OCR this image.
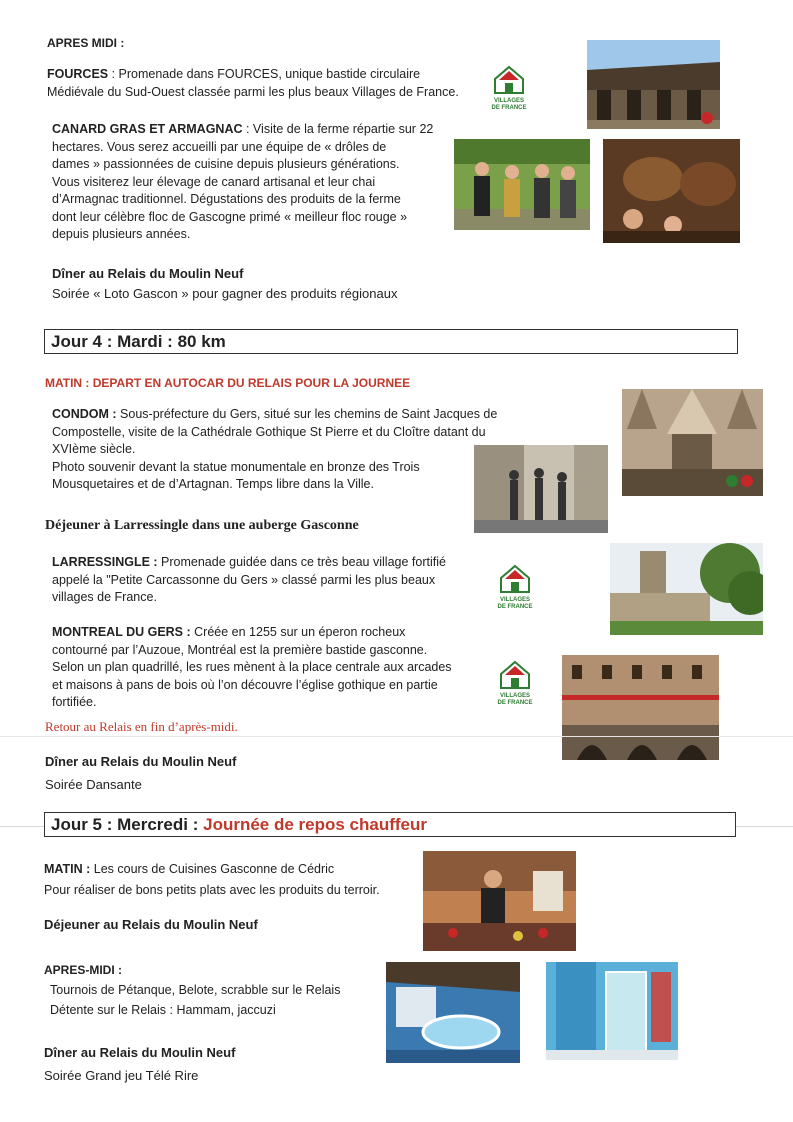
APRES MIDI :
FOURCES : Promenade dans FOURCES, unique bastide circulaire
Médiévale du Sud-Ouest classée parmi les plus beaux Villages de France.
VILLAGES
DE FRANCE
CANARD GRAS ET ARMAGNAC : Visite de la ferme répartie sur 22
hectares. Vous serez accueilli par une équipe de « drôles de
dames » passionnées de cuisine depuis plusieurs générations.
Vous visiterez leur élevage de canard artisanal et leur chai
d’Armagnac traditionnel. Dégustations des produits de la ferme
dont leur célèbre floc de Gascogne primé « meilleur floc rouge »
depuis plusieurs années.
Dîner au Relais du Moulin Neuf
Soirée « Loto Gascon » pour gagner des produits régionaux
Jour 4 : Mardi : 80 km
MATIN : DEPART EN AUTOCAR DU RELAIS POUR LA JOURNEE
CONDOM : Sous-préfecture du Gers, situé sur les chemins de Saint Jacques de
Compostelle, visite de la Cathédrale Gothique St Pierre et du Cloître datant du
XVIème siècle.
Photo souvenir devant la statue monumentale en bronze des Trois
Mousquetaires et de d’Artagnan. Temps libre dans la Ville.
Déjeuner à Larressingle dans une auberge Gasconne
LARRESSINGLE : Promenade guidée dans ce très beau village fortifié
appelé la "Petite Carcassonne du Gers » classé parmi les plus beaux
villages de France.	VILLAGES
DE FRANCE
MONTREAL DU GERS : Créée en 1255 sur un éperon rocheux
contourné par l’Auzoue, Montréal est la première bastide gasconne.
Selon un plan quadrillé, les rues mènent à la place centrale aux arcades
et maisons à pans de bois où l’on découvre l’église gothique en partie
fortifiée.	VILLAGES
DE FRANCE
Retour au Relais en fin d’après-midi.
Dîner au Relais du Moulin Neuf
Soirée Dansante
Jour 5 : Mercredi : Journée de repos chauffeur
MATIN : Les cours de Cuisines Gasconne de Cédric
Pour réaliser de bons petits plats avec les produits du terroir.
Déjeuner au Relais du Moulin Neuf
APRES-MIDI :
Tournois de Pétanque, Belote, scrabble sur le Relais
Détente sur le Relais : Hammam, jaccuzi
Dîner au Relais du Moulin Neuf
Soirée Grand jeu Télé Rire
